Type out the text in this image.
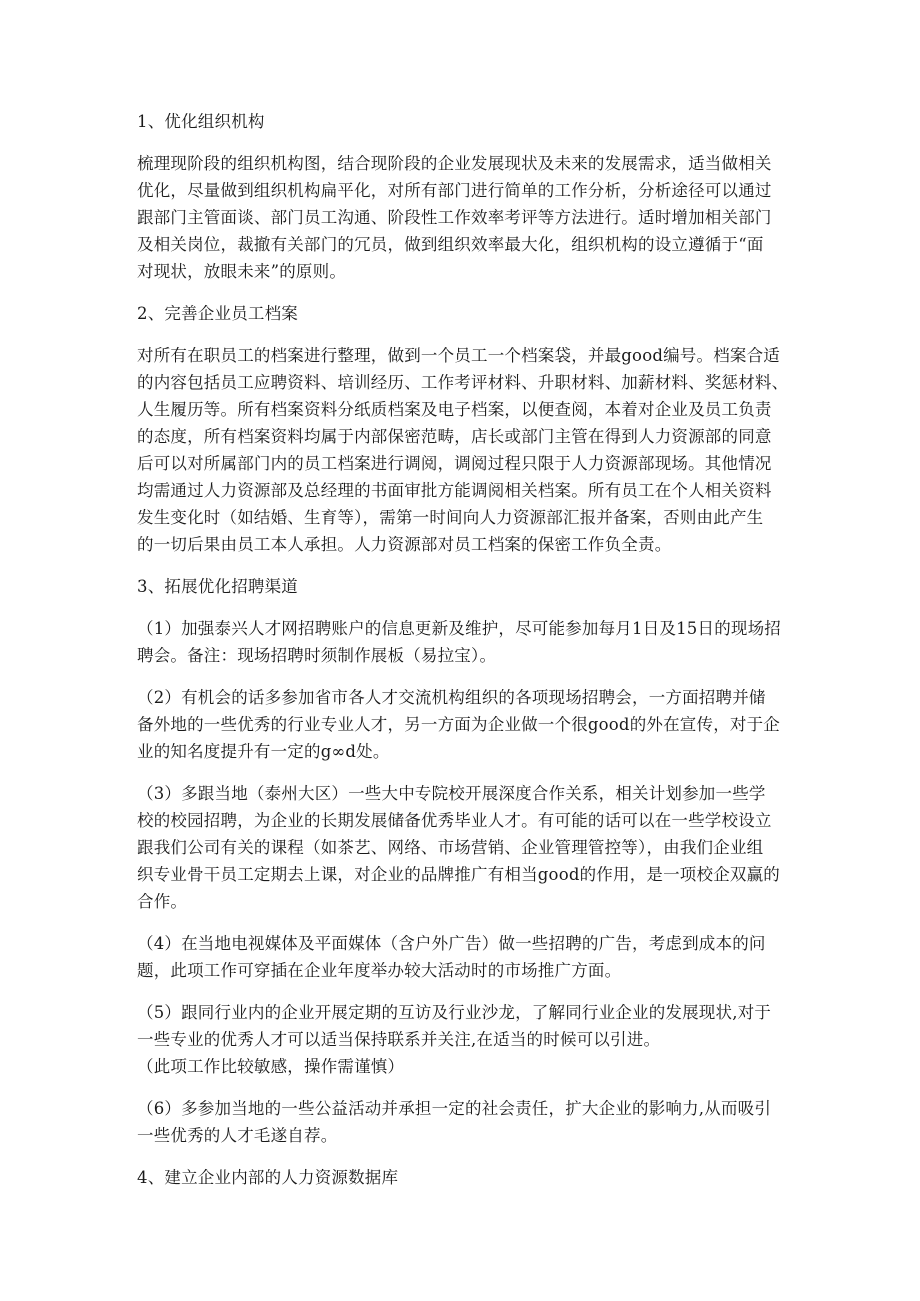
1、优化组织机构

梳理现阶段的组织机构图，结合现阶段的企业发展现状及未来的发展需求，适当做相关
优化，尽量做到组织机构扁平化，对所有部门进行简单的工作分析，分析途径可以通过
跟部门主管面谈、部门员工沟通、阶段性工作效率考评等方法进行。适时增加相关部门
及相关岗位，裁撤有关部门的冗员，做到组织效率最大化，组织机构的设立遵循于“面
对现状，放眼未来”的原则。

2、完善企业员工档案

对所有在职员工的档案进行整理，做到一个员工一个档案袋，并最good编号。档案合适
的内容包括员工应聘资料、培训经历、工作考评材料、升职材料、加薪材料、奖惩材料、
人生履历等。所有档案资料分纸质档案及电子档案，以便查阅，本着对企业及员工负责
的态度，所有档案资料均属于内部保密范畴，店长或部门主管在得到人力资源部的同意
后可以对所属部门内的员工档案进行调阅，调阅过程只限于人力资源部现场。其他情况
均需通过人力资源部及总经理的书面审批方能调阅相关档案。所有员工在个人相关资料
发生变化时（如结婚、生育等），需第一时间向人力资源部汇报并备案，否则由此产生
的一切后果由员工本人承担。人力资源部对员工档案的保密工作负全责。

3、拓展优化招聘渠道

（1）加强泰兴人才网招聘账户的信息更新及维护，尽可能参加每月1日及15日的现场招
聘会。备注：现场招聘时须制作展板（易拉宝）。

（2）有机会的话多参加省市各人才交流机构组织的各项现场招聘会，一方面招聘并储
备外地的一些优秀的行业专业人才，另一方面为企业做一个很good的外在宣传，对于企
业的知名度提升有一定的g∞d处。

（3）多跟当地（泰州大区）一些大中专院校开展深度合作关系，相关计划参加一些学
校的校园招聘，为企业的长期发展储备优秀毕业人才。有可能的话可以在一些学校设立
跟我们公司有关的课程（如茶艺、网络、市场营销、企业管理管控等），由我们企业组
织专业骨干员工定期去上课，对企业的品牌推广有相当good的作用，是一项校企双赢的
合作。

（4）在当地电视媒体及平面媒体（含户外广告）做一些招聘的广告，考虑到成本的问
题，此项工作可穿插在企业年度举办较大活动时的市场推广方面。

（5）跟同行业内的企业开展定期的互访及行业沙龙，了解同行业企业的发展现状,对于
一些专业的优秀人才可以适当保持联系并关注,在适当的时候可以引进。

（此项工作比较敏感，操作需谨慎）

（6）多参加当地的一些公益活动并承担一定的社会责任，扩大企业的影响力,从而吸引
一些优秀的人才毛遂自荐。

4、建立企业内部的人力资源数据库
